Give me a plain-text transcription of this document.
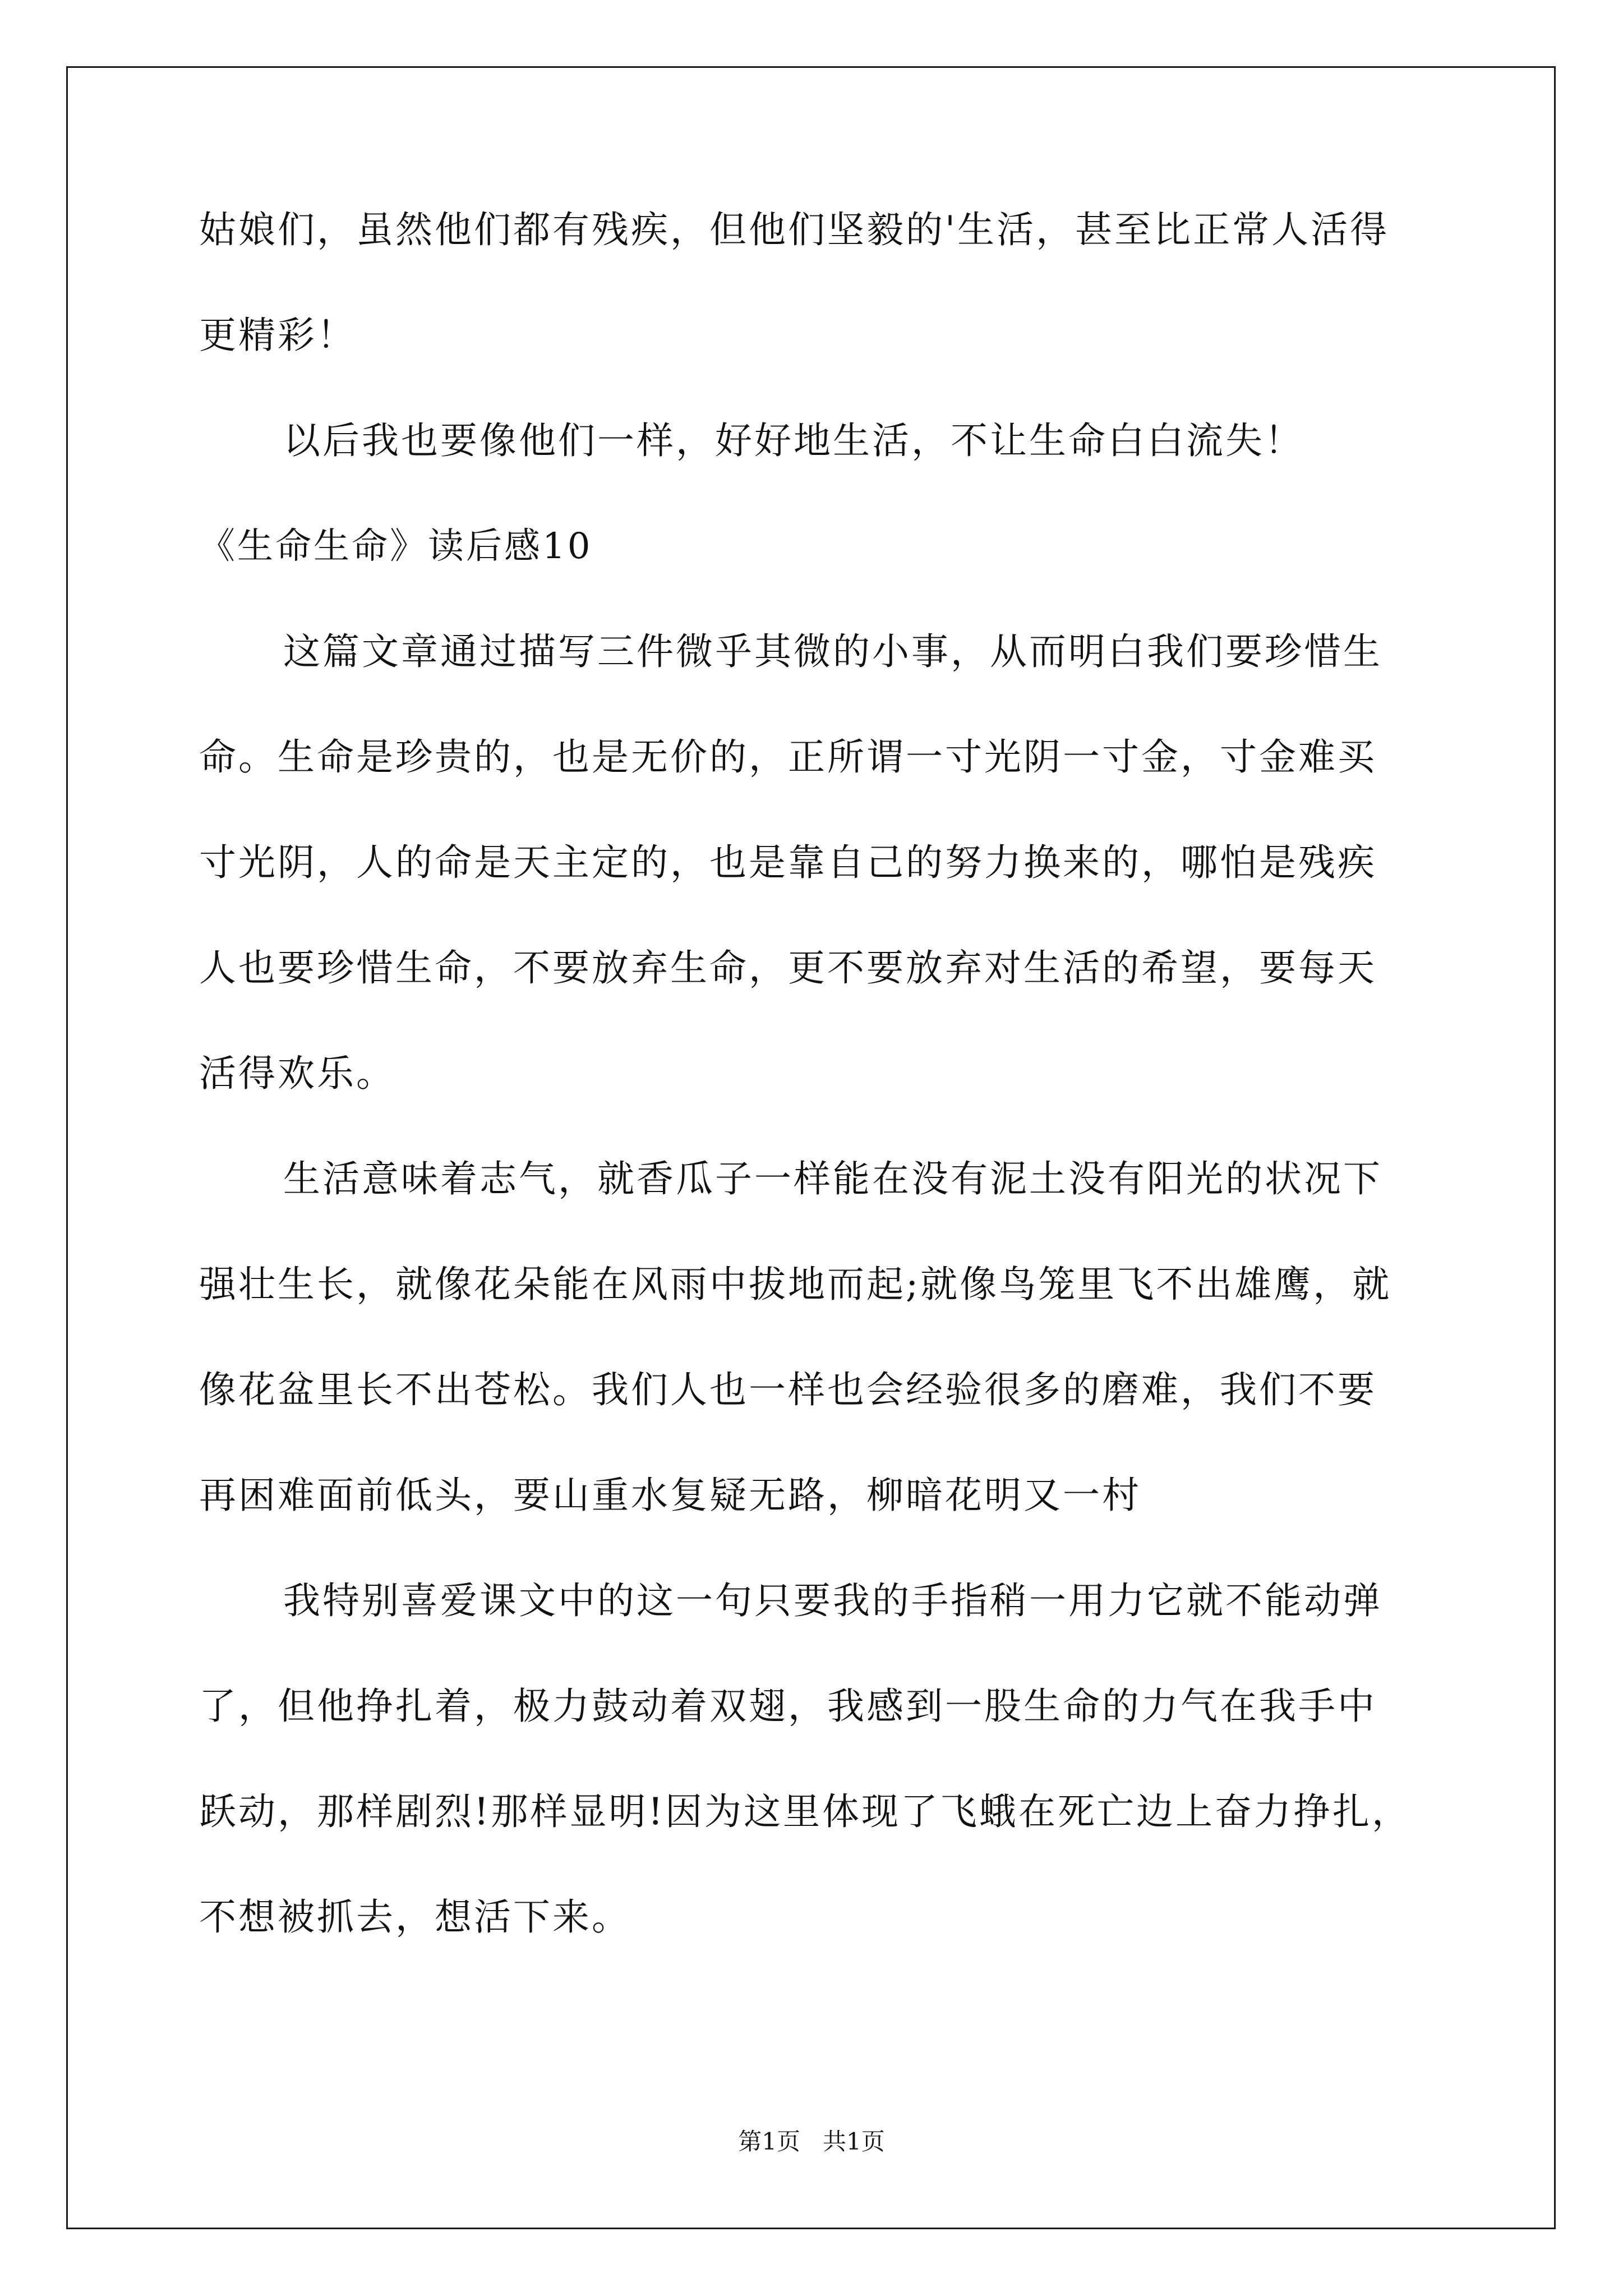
姑娘们，虽然他们都有残疾，但他们坚毅的'生活，甚至比正常人活得
更精彩！
以后我也要像他们一样，好好地生活，不让生命白白流失！
《生命生命》读后感10
这篇文章通过描写三件微乎其微的小事，从而明白我们要珍惜生
命。生命是珍贵的，也是无价的，正所谓一寸光阴一寸金，寸金难买
寸光阴，人的命是天主定的，也是靠自己的努力换来的，哪怕是残疾
人也要珍惜生命，不要放弃生命，更不要放弃对生活的希望，要每天
活得欢乐。
生活意味着志气，就香瓜子一样能在没有泥土没有阳光的状况下
强壮生长，就像花朵能在风雨中拔地而起;就像鸟笼里飞不出雄鹰，就
像花盆里长不出苍松。我们人也一样也会经验很多的磨难，我们不要
再困难面前低头，要山重水复疑无路，柳暗花明又一村
我特别喜爱课文中的这一句只要我的手指稍一用力它就不能动弹
了，但他挣扎着，极力鼓动着双翅，我感到一股生命的力气在我手中
跃动，那样剧烈!那样显明!因为这里体现了飞蛾在死亡边上奋力挣扎，
不想被抓去，想活下来。
第1页   共1页
